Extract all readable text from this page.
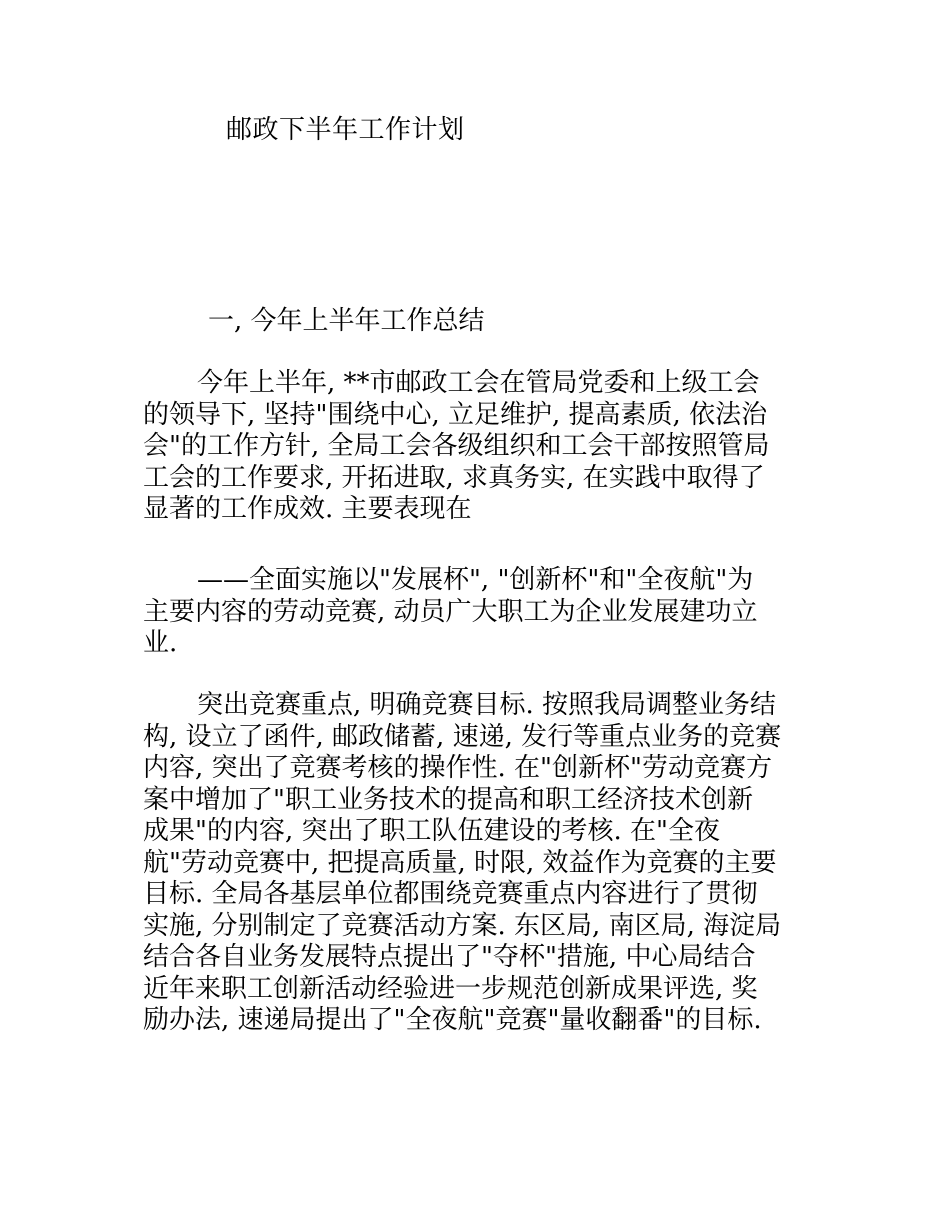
邮政下半年工作计划
一, 今年上半年工作总结
今年上半年, **市邮政工会在管局党委和上级工会
的领导下, 坚持"围绕中心, 立足维护, 提高素质, 依法治
会"的工作方针, 全局工会各级组织和工会干部按照管局
工会的工作要求, 开拓进取, 求真务实, 在实践中取得了
显著的工作成效. 主要表现在
——全面实施以"发展杯", "创新杯"和"全夜航"为
主要内容的劳动竞赛, 动员广大职工为企业发展建功立
业.
突出竞赛重点, 明确竞赛目标. 按照我局调整业务结
构, 设立了函件, 邮政储蓄, 速递, 发行等重点业务的竞赛
内容, 突出了竞赛考核的操作性. 在"创新杯"劳动竞赛方
案中增加了"职工业务技术的提高和职工经济技术创新
成果"的内容, 突出了职工队伍建设的考核. 在"全夜
航"劳动竞赛中, 把提高质量, 时限, 效益作为竞赛的主要
目标. 全局各基层单位都围绕竞赛重点内容进行了贯彻
实施, 分别制定了竞赛活动方案. 东区局, 南区局, 海淀局
结合各自业务发展特点提出了"夺杯"措施, 中心局结合
近年来职工创新活动经验进一步规范创新成果评选, 奖
励办法, 速递局提出了"全夜航"竞赛"量收翻番"的目标.
